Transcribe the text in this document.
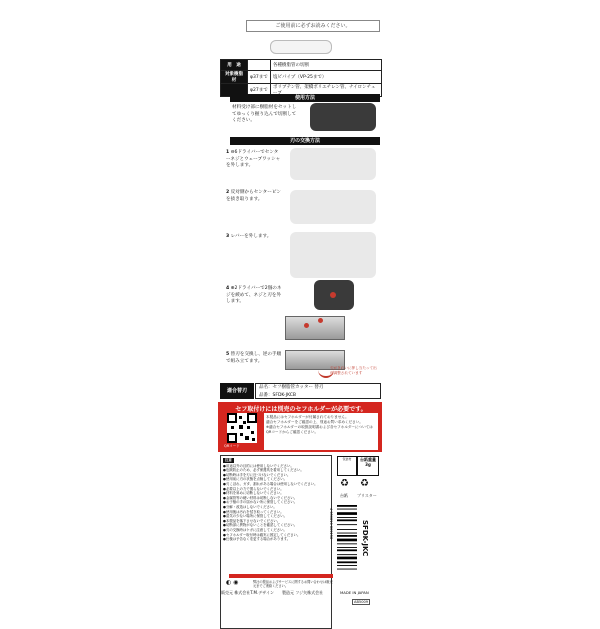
ご使用前に必ずお読みください。
用　途		各種樹脂管の切断
対象樹脂材	φ37まで	塩ビパイプ（VP-25まで）
	φ27まで	ポリブテン管、架橋ポリエチレン管、ナイロンチュ
使用方法
材料受け部に樹脂材をセットしてゆっくり握り込んで切断してください。
刃の交換方法
1 ⊖6ドライバーでセンターネジとウェーブワッシャを外します。
2 反対側からセンターピンを抜き取ります。
3 レバーを外します。
4 ⊕2ドライバーで2個のネジを緩めて、ネジと刃を外します。
5 替刃を交換し、逆の手順で組み立てます。
刃がきれいに押し当たって出荷調整されています
適合替刃
品名：セフ樹脂管カッター 替刃
品番：SFDK-JKCB
セフ取付けには別売のセフホルダーが必要です。
QRコード
本製品にはセフホルダーが付属されておりません。
適合セフホルダーをご確認の上、別途お買い求めください。
※適合セフホルダーの取扱説明書および各セフホルダーについてはQRコードからご確認ください。
注意
●用途以外の目的には使用しないでください。
●危険防止のため、必ず保護具を着用してください。
●切断時は手を刃に近づけないでください。
●使用前に刃の状態を点検してください。
●刃こぼれ、ガタ、割れがある場合は使用しないでください。
●必要以上の力で握らないでください。
●材料を斜めに切断しないでください。
●金属管等の硬い材料は切断しないでください。
●お子様の手の届かない所に保管してください。
●分解・改造はしないでください。
●使用後は汚れを拭き取ってください。
●湿気の少ない場所に保管してください。
●本製品を落下させないでください。
●切断部に異物がないことを確認してください。
●刃の交換時はケガに注意してください。
●セフホルダー取付時は確実に固定してください。
●仕様は予告なく変更する場合があります。
◐ ◉	弊社の製品およびサービスに関するお問い合わせは販売元までご連絡ください。
包装材	台紙重量
3g
台紙 プリスター
♻ ♻
4 956810 869158	SFDK-JKC
販売元 株式会社T.M.デザイン 製造元 フジ矢株式会社	MADE IN JAPAN
AB5009
